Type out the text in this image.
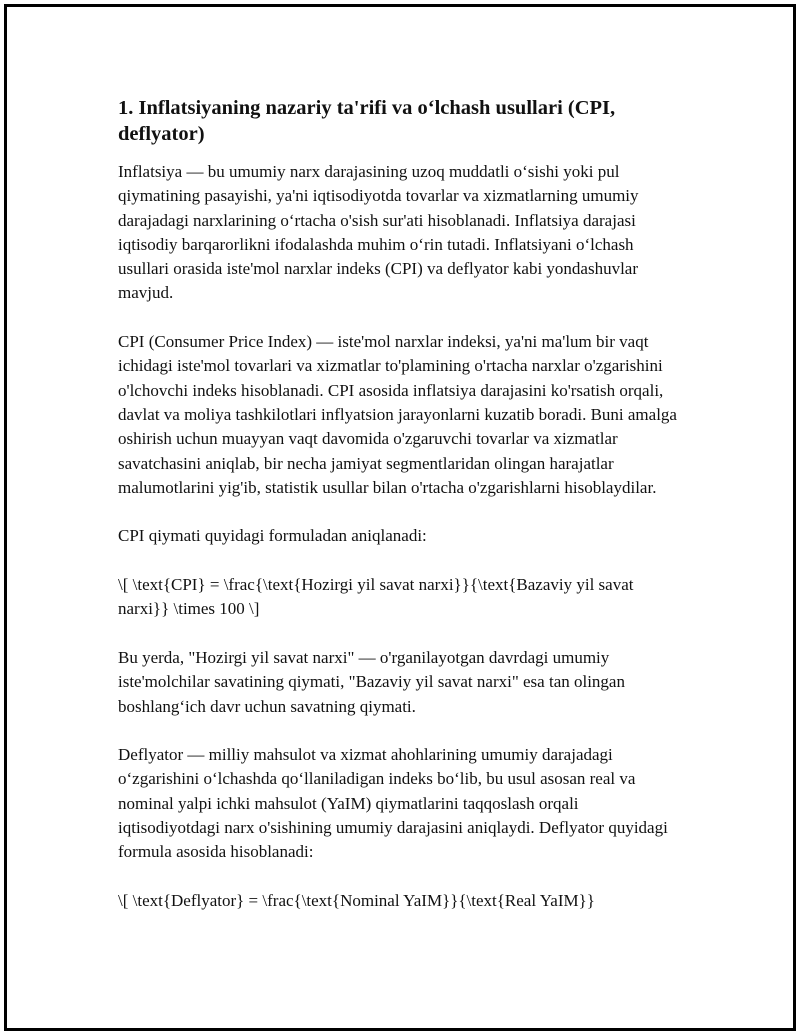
1. Inflatsiyaning nazariy ta'rifi va o‘lchash usullari (CPI, deflyator)

Inflatsiya — bu umumiy narx darajasining uzoq muddatli o‘sishi yoki pul qiymatining pasayishi, ya'ni iqtisodiyotda tovarlar va xizmatlarning umumiy darajadagi narxlarining o‘rtacha o'sish sur'ati hisoblanadi. Inflatsiya darajasi iqtisodiy barqarorlikni ifodalashda muhim o‘rin tutadi. Inflatsiyani o‘lchash usullari orasida iste'mol narxlar indeks (CPI) va deflyator kabi yondashuvlar mavjud.

CPI (Consumer Price Index) — iste'mol narxlar indeksi, ya'ni ma'lum bir vaqt ichidagi iste'mol tovarlari va xizmatlar to'plamining o'rtacha narxlar o'zgarishini o'lchovchi indeks hisoblanadi. CPI asosida inflatsiya darajasini ko'rsatish orqali, davlat va moliya tashkilotlari inflyatsion jarayonlarni kuzatib boradi. Buni amalga oshirish uchun muayyan vaqt davomida o'zgaruvchi tovarlar va xizmatlar savatchasini aniqlab, bir necha jamiyat segmentlaridan olingan harajatlar malumotlarini yig'ib, statistik usullar bilan o'rtacha o'zgarishlarni hisoblaydilar.

CPI qiymati quyidagi formuladan aniqlanadi:

\[ \text{CPI} = \frac{\text{Hozirgi yil savat narxi}}{\text{Bazaviy yil savat narxi}} \times 100 \]

Bu yerda, "Hozirgi yil savat narxi" — o'rganilayotgan davrdagi umumiy iste'molchilar savatining qiymati, "Bazaviy yil savat narxi" esa tan olingan boshlang‘ich davr uchun savatning qiymati.

Deflyator — milliy mahsulot va xizmat ahohlarining umumiy darajadagi o‘zgarishini o‘lchashda qo‘llaniladigan indeks bo‘lib, bu usul asosan real va nominal yalpi ichki mahsulot (YaIM) qiymatlarini taqqoslash orqali iqtisodiyotdagi narx o'sishining umumiy darajasini aniqlaydi. Deflyator quyidagi formula asosida hisoblanadi:

\[ \text{Deflyator} = \frac{\text{Nominal YaIM}}{\text{Real YaIM}}
